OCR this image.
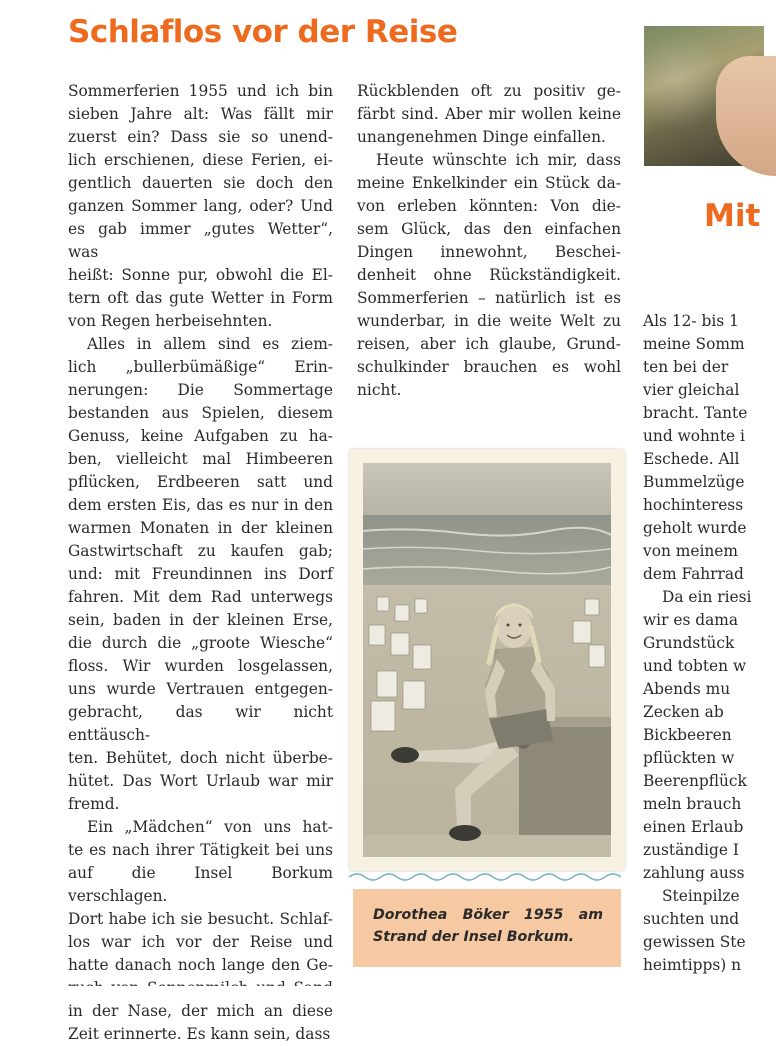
Schlaflos vor der Reise
Mit
Sommerferien 1955 und ich bin
sieben Jahre alt: Was fällt mir
zuerst ein? Dass sie so unend-
lich erschienen, diese Ferien, ei-
gentlich dauerten sie doch den
ganzen Sommer lang, oder? Und
es gab immer „gutes Wetter“, was
heißt: Sonne pur, obwohl die El-
tern oft das gute Wetter in Form
von Regen herbeisehnten.
Alles in allem sind es ziem-
lich „bullerbümäßige“ Erin-
nerungen: Die Sommertage
bestanden aus Spielen, diesem
Genuss, keine Aufgaben zu ha-
ben, vielleicht mal Himbeeren
pflücken, Erdbeeren satt und
dem ersten Eis, das es nur in den
warmen Monaten in der kleinen
Gastwirtschaft zu kaufen gab;
und: mit Freundinnen ins Dorf
fahren. Mit dem Rad unterwegs
sein, baden in der kleinen Erse,
die durch die „groote Wiesche“
floss. Wir wurden losgelassen,
uns wurde Vertrauen entgegen-
gebracht, das wir nicht enttäusch-
ten. Behütet, doch nicht überbe-
hütet. Das Wort Urlaub war mir
fremd.
Ein „Mädchen“ von uns hat-
te es nach ihrer Tätigkeit bei uns
auf die Insel Borkum verschlagen.
Dort habe ich sie besucht. Schlaf-
los war ich vor der Reise und
hatte danach noch lange den Ge-
in der Nase, der mich an diese
Zeit erinnerte. Es kann sein, dass
Rückblenden oft zu positiv ge-
färbt sind. Aber mir wollen keine
unangenehmen Dinge einfallen.
Heute wünschte ich mir, dass
meine Enkelkinder ein Stück da-
von erleben könnten: Von die-
sem Glück, das den einfachen
Dingen innewohnt, Beschei-
denheit ohne Rückständigkeit.
Sommerferien – natürlich ist es
wunderbar, in die weite Welt zu
reisen, aber ich glaube, Grund-
schulkinder brauchen es wohl
nicht.
Als 12- bis 1
meine Somm
ten bei der
vier gleichal
bracht. Tante
und wohnte i
Eschede. All
Bummelzüge
hochinteress
geholt wurde
von meinem
dem Fahrrad
Da ein riesi
wir es dama
Grundstück
und tobten w
Abends mu
Zecken ab
Bickbeeren
pflückten w
Beerenpflück
meln brauch
einen Erlaub
zuständige I
zahlung auss
Steinpilze
suchten und
gewissen Ste
heimtipps) n
Dorothea Böker 1955 am Strand der Insel Borkum.
